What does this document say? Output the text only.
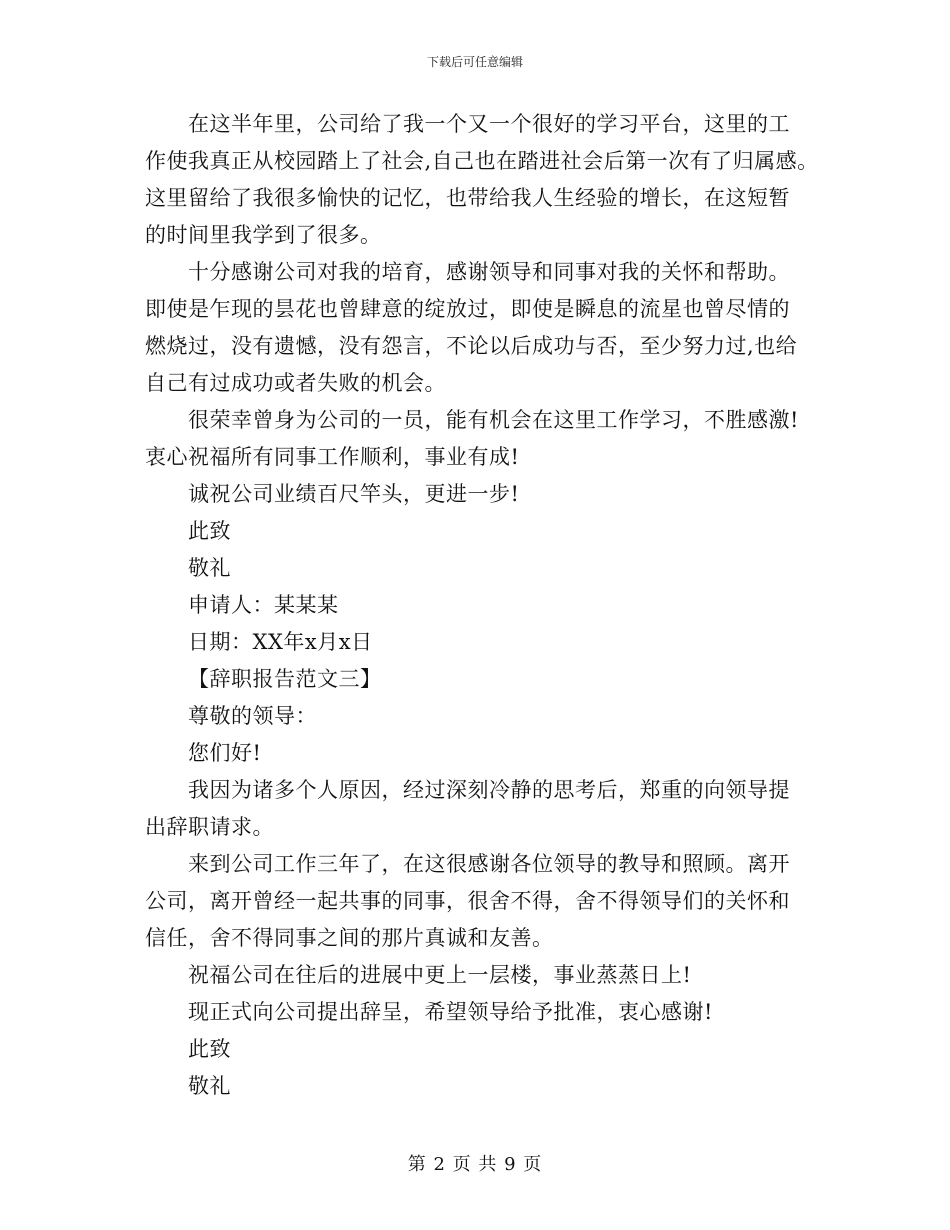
下载后可任意编辑
在这半年里，公司给了我一个又一个很好的学习平台，这里的工
作使我真正从校园踏上了社会,自己也在踏进社会后第一次有了归属感。
这里留给了我很多愉快的记忆，也带给我人生经验的增长，在这短暂
的时间里我学到了很多。
十分感谢公司对我的培育，感谢领导和同事对我的关怀和帮助。
即使是乍现的昙花也曾肆意的绽放过，即使是瞬息的流星也曾尽情的
燃烧过，没有遗憾，没有怨言，不论以后成功与否，至少努力过,也给
自己有过成功或者失败的机会。
很荣幸曾身为公司的一员，能有机会在这里工作学习，不胜感激!
衷心祝福所有同事工作顺利，事业有成!
诚祝公司业绩百尺竿头，更进一步!
此致
敬礼
申请人：某某某
日期：XX年x月x日
【辞职报告范文三】
尊敬的领导：
您们好!
我因为诸多个人原因，经过深刻冷静的思考后，郑重的向领导提
出辞职请求。
来到公司工作三年了，在这很感谢各位领导的教导和照顾。离开
公司，离开曾经一起共事的同事，很舍不得，舍不得领导们的关怀和
信任，舍不得同事之间的那片真诚和友善。
祝福公司在往后的进展中更上一层楼，事业蒸蒸日上!
现正式向公司提出辞呈，希望领导给予批准，衷心感谢!
此致
敬礼
第 2 页 共 9 页
